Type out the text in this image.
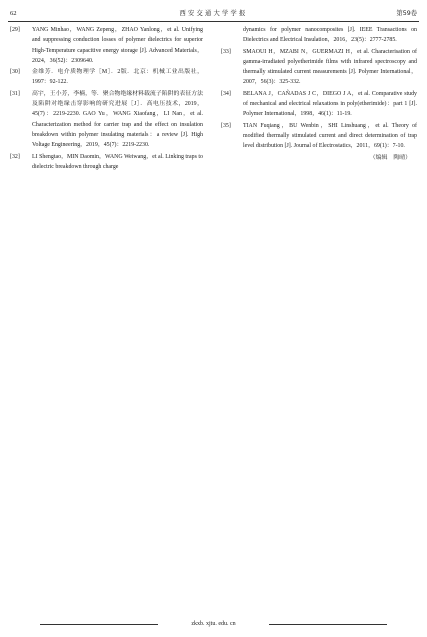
62	西安交通大学学报	第59卷
[29] YANG Minhao，WANG Zepeng，ZHAO Yanlong，et al. Unifying and suppressing conduction losses of polymer dielectrics for superior High-Temperature capacitive energy storage [J]. Advanced Materials，2024，36(52)：2309640.
[30] 金维芳．电介质物理学［M］．2版．北京：机械工业出版社，1997：92-122.
[31] 高宇，王小芳，李楠，等．聚合物绝缘材料载流子陷阱的表征方法及陷阱对绝缘击穿影响的研究进展［J］．高电压技术，2019，45(7)：2219-2230. GAO Yu，WANG Xiaofang，LI Nan，et al. Characterization method for carrier trap and the effect on insulation breakdown within polymer insulating materials：a review [J]. High Voltage Engineering，2019，45(7)：2219-2230.
[32] LI Shengtao，MIN Daomin，WANG Weiwang，et al. Linking traps to dielectric breakdown through charge
dynamics for polymer nanocomposites [J]. IEEE Transactions on Dielectrics and Electrical Insulation，2016，23(5)：2777-2785.
[33] SMAOUI H，MZABI N，GUERMAZI H，et al. Characterisation of gamma-irradiated polyetherimide films with infrared spectroscopy and thermally stimulated current measurements [J]. Polymer International，2007，56(3)：325-332.
[34] BELANA J，CAÑADAS J C，DIEGO J A，et al. Comparative study of mechanical and electrical relaxations in poly(etherimide)：part 1 [J]. Polymer International，1998，46(1)：11-19.
[35] TIAN Fuqiang，BU Wenbin，SHI Linshuang，et al. Theory of modified thermally stimulated current and direct determination of trap level distribution [J]. Journal of Electrostatics，2011，69(1)：7-10.
（编辑　陶晴）
zkxb. xjtu. edu. cn
